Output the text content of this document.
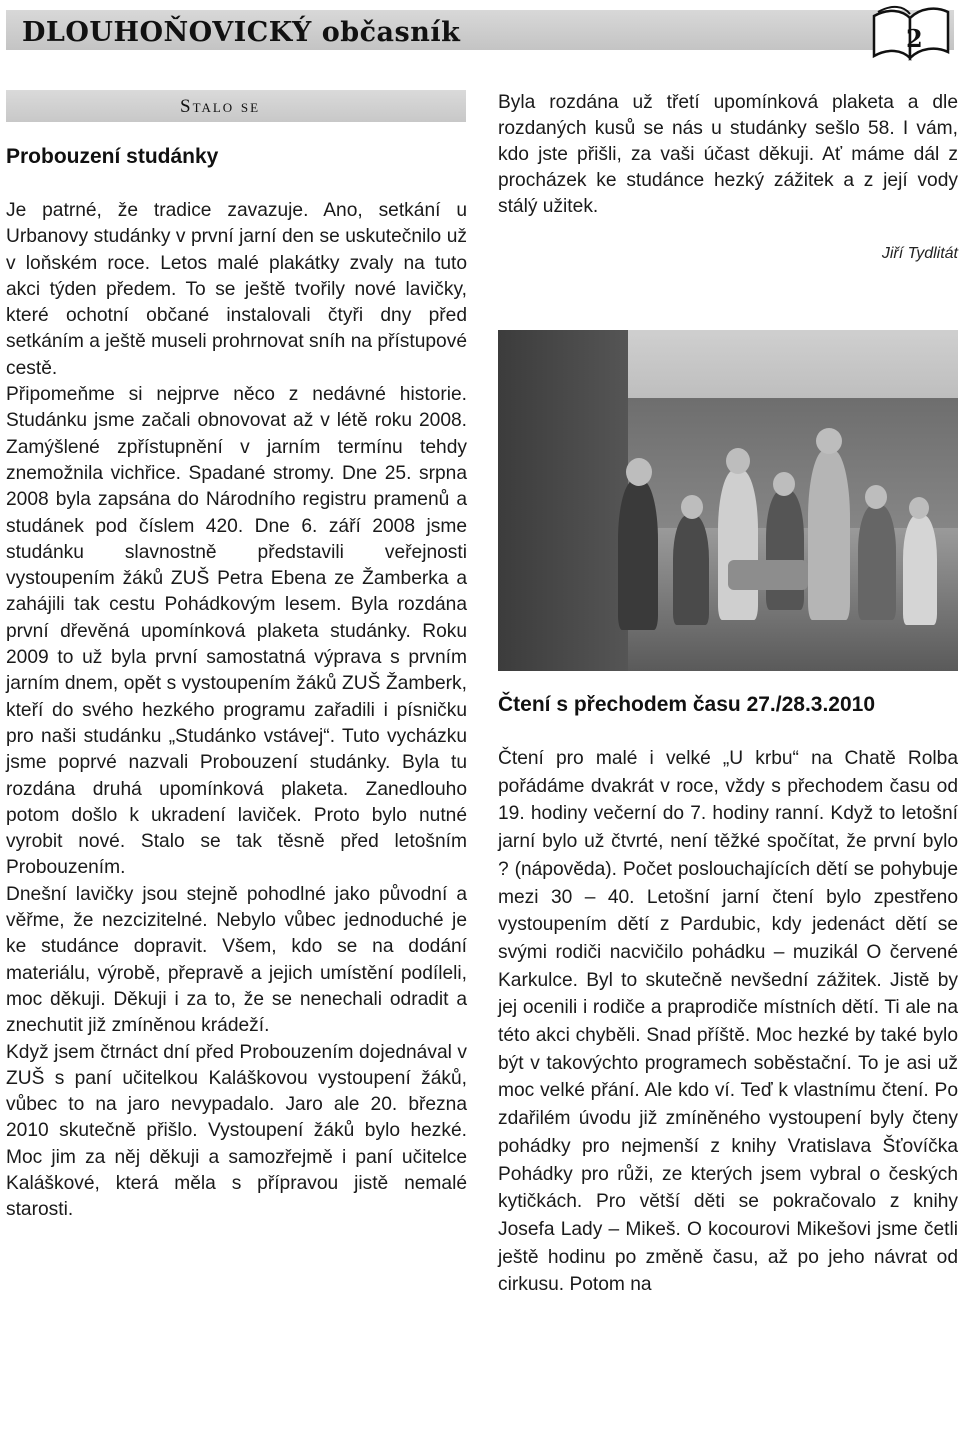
DLOUHOŇOVICKÝ občasník	2
Stalo se
Probouzení studánky

Je patrné, že tradice zavazuje. Ano, setkání u Urbanovy studánky v první jarní den se uskutečnilo už v loňském roce. Letos malé plakátky zvaly na tuto akci týden předem. To se ještě tvořily nové lavičky, které ochotní občané instalovali čtyři dny před setkáním a ještě museli prohrnovat sníh na přístupové cestě.

Připomeňme si nejprve něco z nedávné historie. Studánku jsme začali obnovovat až v létě roku 2008. Zamýšlené zpřístupnění v jarním termínu tehdy znemožnila vichřice. Spadané stromy. Dne 25. srpna 2008 byla zapsána do Národního registru pramenů a studánek pod číslem 420. Dne 6. září 2008 jsme studánku slavnostně představili veřejnosti vystoupením žáků ZUŠ Petra Ebena ze Žamberka a zahájili tak cestu Pohádkovým lesem. Byla rozdána první dřevěná upomínková plaketa studánky. Roku 2009 to už byla první samostatná výprava s prvním jarním dnem, opět s vystoupením žáků ZUŠ Žamberk, kteří do svého hezkého programu zařadili i písničku pro naši studánku „Studánko vstávej“. Tuto vycházku jsme poprvé nazvali Probouzení studánky. Byla tu rozdána druhá upomínková plaketa. Zanedlouho potom došlo k ukradení laviček. Proto bylo nutné vyrobit nové. Stalo se tak těsně před letošním Probouzením.

Dnešní lavičky jsou stejně pohodlné jako původní a věřme, že nezcizitelné. Nebylo vůbec jednoduché je ke studánce dopravit. Všem, kdo se na dodání materiálu, výrobě, přepravě a jejich umístění podíleli, moc děkuji. Děkuji i za to, že se nenechali odradit a znechutit již zmíněnou krádeží.

Když jsem čtrnáct dní před Probouzením dojednával v ZUŠ s paní učitelkou Kaláškovou vystoupení žáků, vůbec to na jaro nevypadalo. Jaro ale 20. března 2010 skutečně přišlo. Vystoupení žáků bylo hezké. Moc jim za něj děkuji a samozřejmě i paní učitelce Kaláškové, která měla s přípravou jistě nemalé starosti.

Byla rozdána už třetí upomínková plaketa a dle rozdaných kusů se nás u studánky sešlo 58. I vám, kdo jste přišli, za vaši účast děkuji. Ať máme dál z procházek ke studánce hezký zážitek a z její vody stálý užitek.

Jiří Tydlitát
Čtení s přechodem času 27./28.3.2010

Čtení pro malé i velké „U krbu“ na Chatě Rolba pořádáme dvakrát v roce, vždy s přechodem času od 19. hodiny večerní do 7. hodiny ranní. Když to letošní jarní bylo už čtvrté, není těžké spočítat, že první bylo ? (nápověda). Počet poslouchajících dětí se pohybuje mezi 30 – 40. Letošní jarní čtení bylo zpestřeno vystoupením dětí z Pardubic, kdy jedenáct dětí se svými rodiči nacvičilo pohádku – muzikál O červené Karkulce. Byl to skutečně nevšední zážitek. Jistě by jej ocenili i rodiče a praprodiče místních dětí. Ti ale na této akci chyběli. Snad příště. Moc hezké by také bylo být v takovýchto programech soběstační. To je asi už moc velké přání. Ale kdo ví. Teď k vlastnímu čtení. Po zdařilém úvodu již zmíněného vystoupení byly čteny pohádky pro nejmenší z knihy Vratislava Šťovíčka Pohádky pro růži, ze kterých jsem vybral o českých kytičkách. Pro větší děti se pokračovalo z knihy Josefa Lady – Mikeš. O kocourovi Mikešovi jsme četli ještě hodinu po změně času, až po jeho návrat od cirkusu. Potom na
